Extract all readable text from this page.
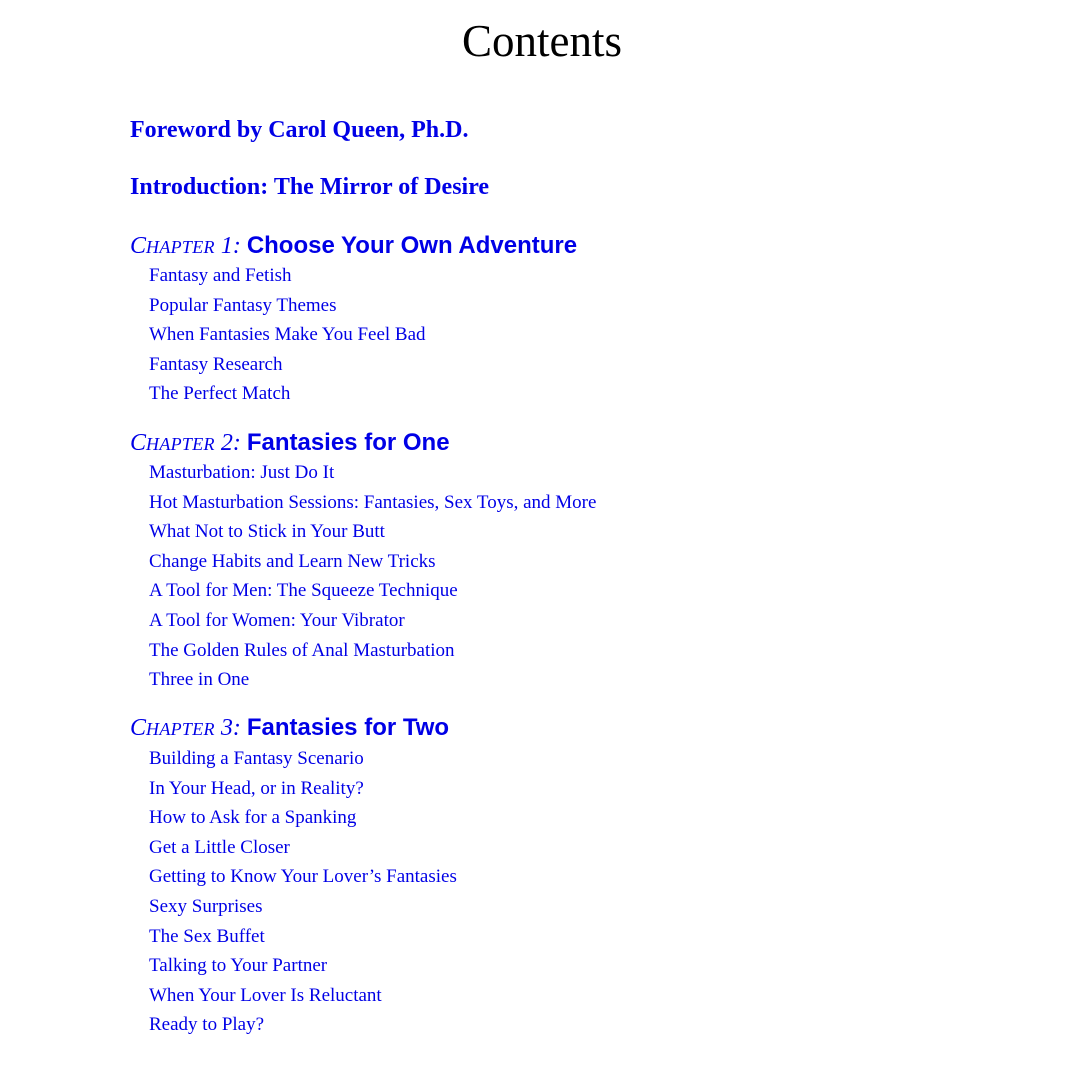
Contents
Foreword by Carol Queen, Ph.D.
Introduction: The Mirror of Desire
CHAPTER 1: Choose Your Own Adventure
Fantasy and Fetish
Popular Fantasy Themes
When Fantasies Make You Feel Bad
Fantasy Research
The Perfect Match
CHAPTER 2: Fantasies for One
Masturbation: Just Do It
Hot Masturbation Sessions: Fantasies, Sex Toys, and More
What Not to Stick in Your Butt
Change Habits and Learn New Tricks
A Tool for Men: The Squeeze Technique
A Tool for Women: Your Vibrator
The Golden Rules of Anal Masturbation
Three in One
CHAPTER 3: Fantasies for Two
Building a Fantasy Scenario
In Your Head, or in Reality?
How to Ask for a Spanking
Get a Little Closer
Getting to Know Your Lover’s Fantasies
Sexy Surprises
The Sex Buffet
Talking to Your Partner
When Your Lover Is Reluctant
Ready to Play?
